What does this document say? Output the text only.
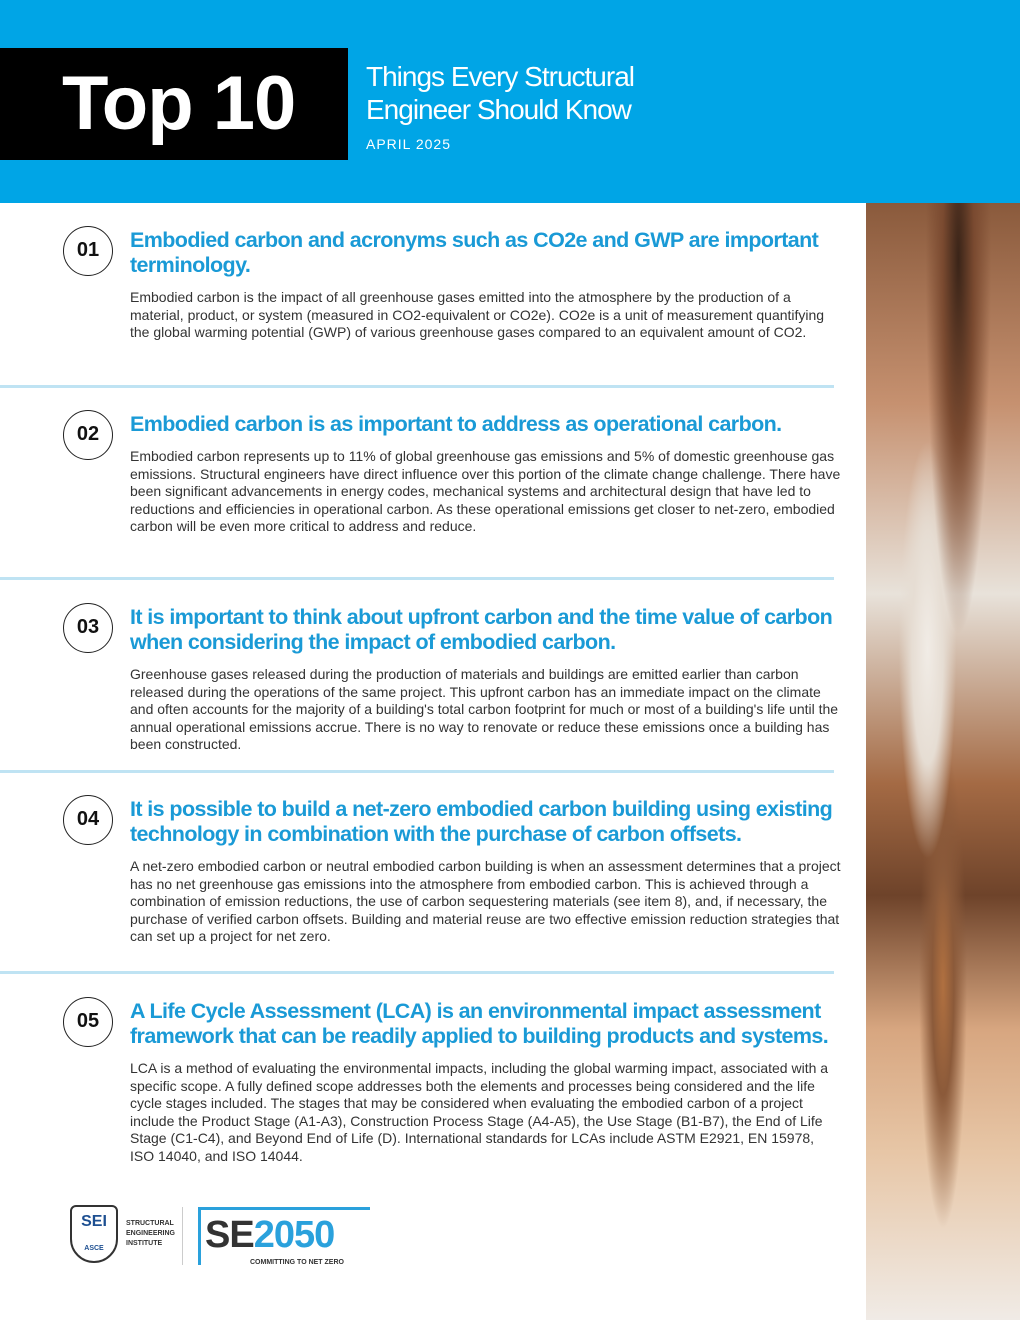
Top 10	Things Every Structural
Engineer Should Know
APRIL 2025
01	Embodied carbon and acronyms such as CO2e and GWP are important terminology.
Embodied carbon is the impact of all greenhouse gases emitted into the atmosphere by the production of a material, product, or system (measured in CO2-equivalent or CO2e). CO2e is a unit of measurement quantifying the global warming potential (GWP) of various greenhouse gases compared to an equivalent amount of CO2.
02	Embodied carbon is as important to address as operational carbon.
Embodied carbon represents up to 11% of global greenhouse gas emissions and 5% of domestic greenhouse gas emissions. Structural engineers have direct influence over this portion of the climate change challenge. There have been significant advancements in energy codes, mechanical systems and architectural design that have led to reductions and efficiencies in operational carbon. As these operational emissions get closer to net-zero, embodied carbon will be even more critical to address and reduce.
03	It is important to think about upfront carbon and the time value of carbon when considering the impact of embodied carbon.
Greenhouse gases released during the production of materials and buildings are emitted earlier than carbon released during the operations of the same project. This upfront carbon has an immediate impact on the climate and often accounts for the majority of a building's total carbon footprint for much or most of a building's life until the annual operational emissions accrue. There is no way to renovate or reduce these emissions once a building has been constructed.
04	It is possible to build a net-zero embodied carbon building using existing technology in combination with the purchase of carbon offsets.
A net-zero embodied carbon or neutral embodied carbon building is when an assessment determines that a project has no net greenhouse gas emissions into the atmosphere from embodied carbon. This is achieved through a combination of emission reductions, the use of carbon sequestering materials (see item 8), and, if necessary, the purchase of verified carbon offsets. Building and material reuse are two effective emission reduction strategies that can set up a project for net zero.
05	A Life Cycle Assessment (LCA) is an environmental impact assessment framework that can be readily applied to building products and systems.
LCA is a method of evaluating the environmental impacts, including the global warming impact, associated with a specific scope. A fully defined scope addresses both the elements and processes being considered and the life cycle stages included. The stages that may be considered when evaluating the embodied carbon of a project include the Product Stage (A1-A3), Construction Process Stage (A4-A5), the Use Stage (B1-B7), the End of Life Stage (C1-C4), and Beyond End of Life (D). International standards for LCAs include ASTM E2921, EN 15978, ISO 14040, and ISO 14044.
SEI
ASCE
STRUCTURAL
ENGINEERING
INSTITUTE	SE2050
COMMITTING TO NET ZERO
